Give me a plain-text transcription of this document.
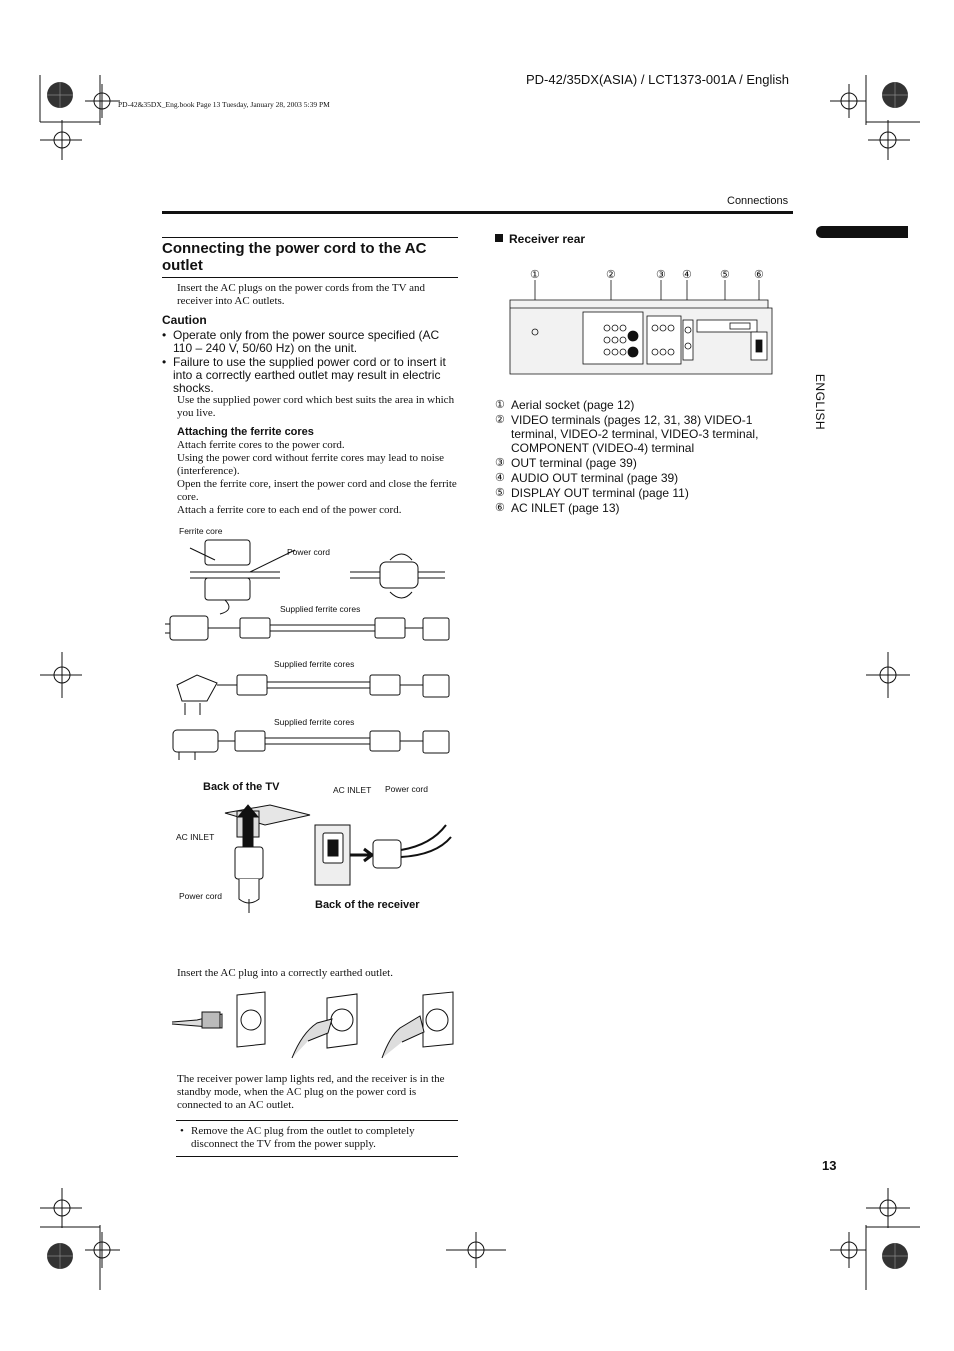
PD-42/35DX(ASIA) / LCT1373-001A / English
PD-42&35DX_Eng.book Page 13 Tuesday, January 28, 2003 5:39 PM
Connections
ENGLISH
Connecting the power cord to the AC outlet

Insert the AC plugs on the power cords from the TV and receiver into AC outlets.

Caution
• Operate only from the power source specified (AC 110 – 240 V, 50/60 Hz) on the unit.
• Failure to use the supplied power cord or to insert it into a correctly earthed outlet may result in electric shocks.

Use the supplied power cord which best suits the area in which you live.

Attaching the ferrite cores

Attach ferrite cores to the power cord.

Using the power cord without ferrite cores may lead to noise (interference).

Open the ferrite core, insert the power cord and close the ferrite core.

Attach a ferrite core to each end of the power cord.

Ferrite core
Power cord
Supplied ferrite cores
Supplied ferrite cores
Supplied ferrite cores
Back of the TV	AC INLET Power cord
AC INLET
Power cord
Back of the receiver

Insert the AC plug into a correctly earthed outlet.

The receiver power lamp lights red, and the receiver is in the standby mode, when the AC plug on the power cord is connected to an AC outlet.

• Remove the AC plug from the outlet to completely disconnect the TV from the power supply.
Receiver rear
①	②	③ ④	⑤ ⑥
① Aerial socket (page 12)
② VIDEO terminals (pages 12, 31, 38) VIDEO-1 terminal, VIDEO-2 terminal, VIDEO-3 terminal, COMPONENT (VIDEO-4) terminal
③ OUT terminal (page 39)
④ AUDIO OUT terminal (page 39)
⑤ DISPLAY OUT terminal (page 11)
⑥ AC INLET (page 13)
13
